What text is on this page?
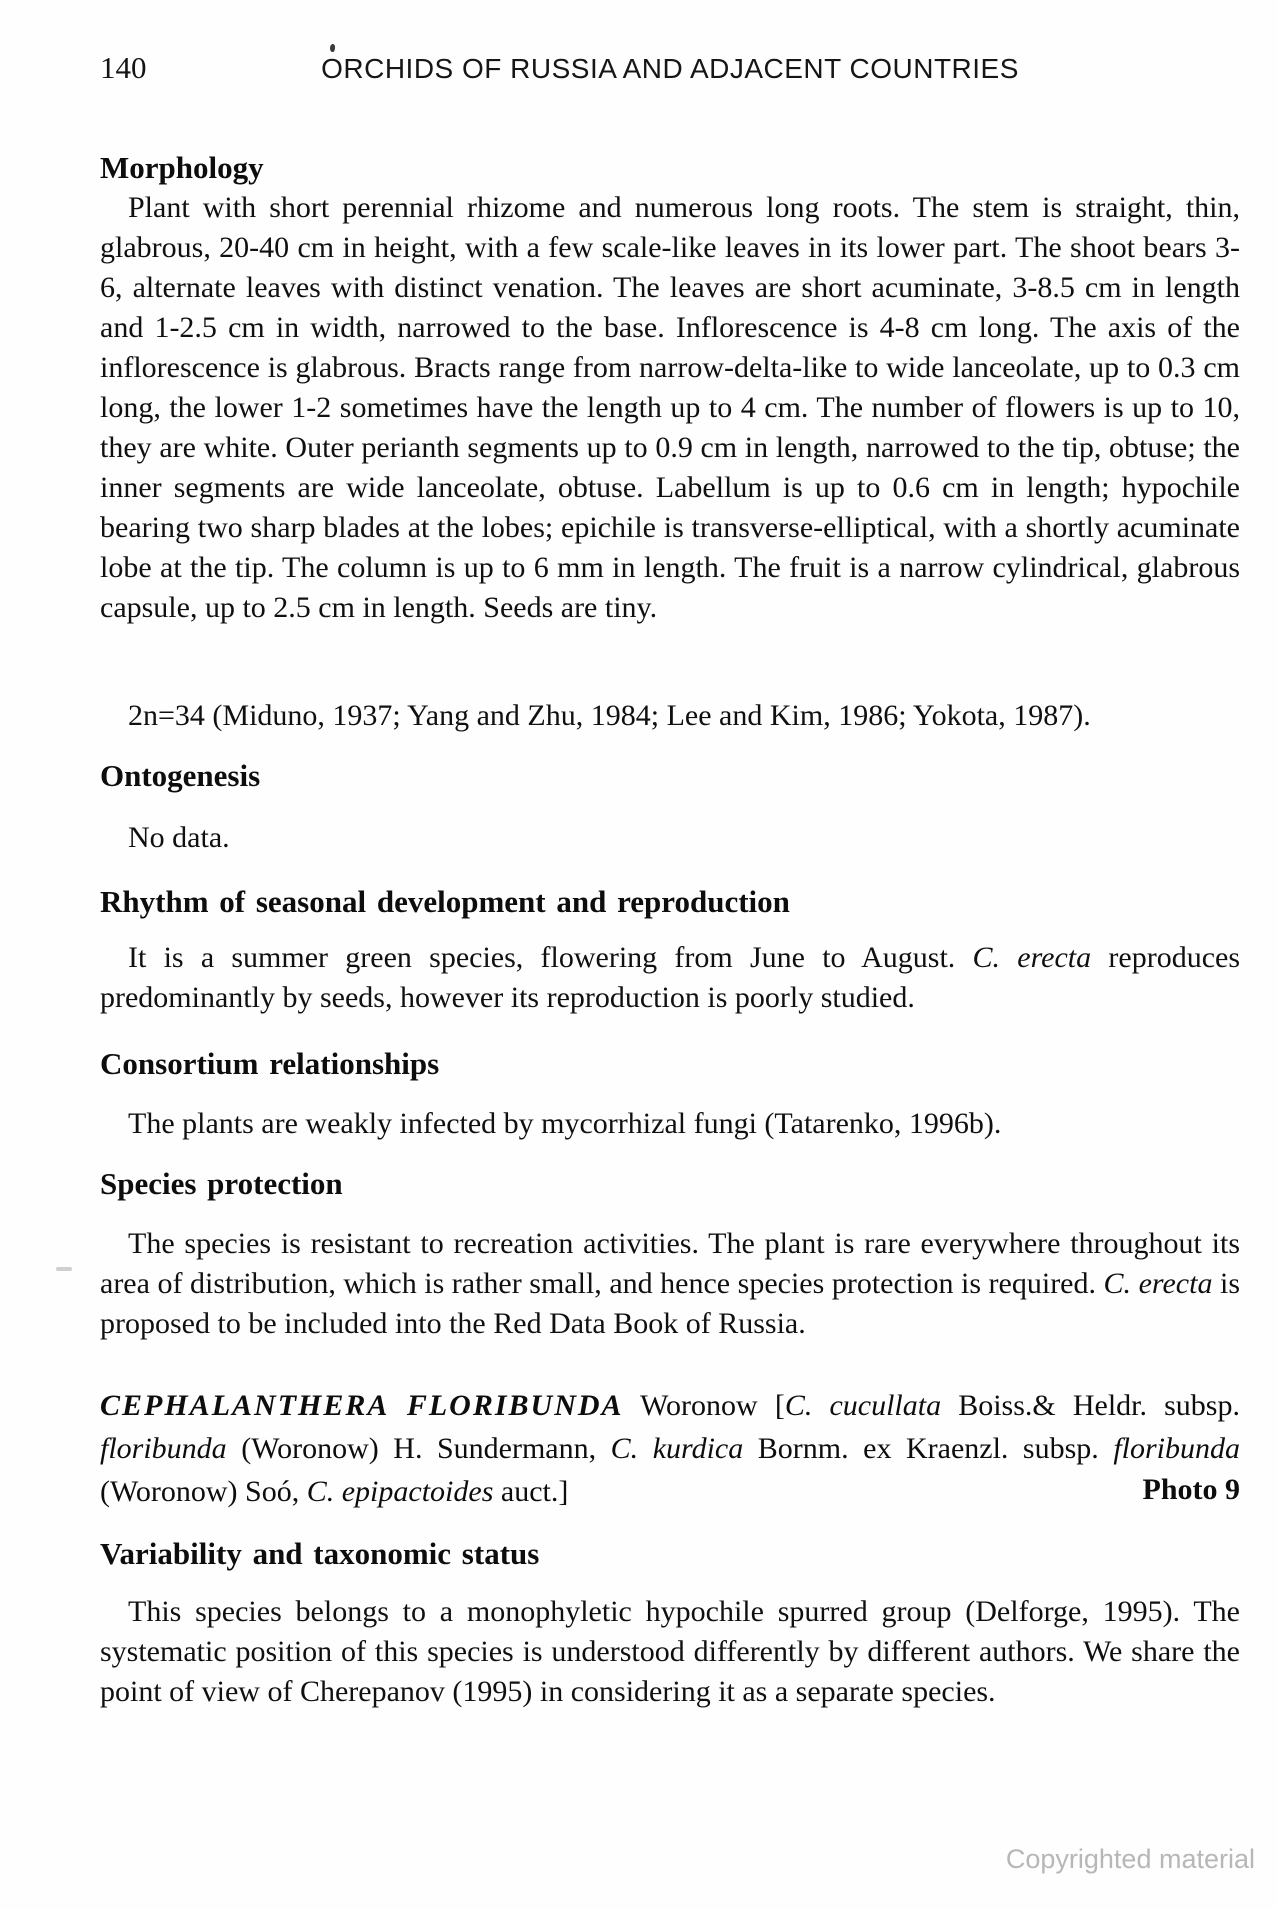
140	ORCHIDS OF RUSSIA AND ADJACENT COUNTRIES
Morphology

Plant with short perennial rhizome and numerous long roots. The stem is straight, thin, glabrous, 20-40 cm in height, with a few scale-like leaves in its lower part. The shoot bears 3-6, alternate leaves with distinct venation. The leaves are short acuminate, 3-8.5 cm in length and 1-2.5 cm in width, narrowed to the base. Inflorescence is 4-8 cm long. The axis of the inflorescence is glabrous. Bracts range from narrow-delta-like to wide lanceolate, up to 0.3 cm long, the lower 1-2 sometimes have the length up to 4 cm. The number of flowers is up to 10, they are white. Outer perianth segments up to 0.9 cm in length, narrowed to the tip, obtuse; the inner segments are wide lanceolate, obtuse. Labellum is up to 0.6 cm in length; hypochile bearing two sharp blades at the lobes; epichile is transverse-elliptical, with a shortly acuminate lobe at the tip. The column is up to 6 mm in length. The fruit is a narrow cylindrical, glabrous capsule, up to 2.5 cm in length. Seeds are tiny.

2n=34 (Miduno, 1937; Yang and Zhu, 1984; Lee and Kim, 1986; Yokota, 1987).

Ontogenesis

No data.

Rhythm of seasonal development and reproduction

It is a summer green species, flowering from June to August. C. erecta reproduces predominantly by seeds, however its reproduction is poorly studied.

Consortium relationships

The plants are weakly infected by mycorrhizal fungi (Tatarenko, 1996b).

Species protection

The species is resistant to recreation activities. The plant is rare everywhere throughout its area of distribution, which is rather small, and hence species protection is required. C. erecta is proposed to be included into the Red Data Book of Russia.

CEPHALANTHERA FLORIBUNDA Woronow [C. cucullata Boiss.& Heldr. subsp. floribunda (Woronow) H. Sundermann, C. kurdica Bornm. ex Kraenzl. subsp. floribunda (Woronow) Soó, C. epipactoides auct.]	Photo 9

Variability and taxonomic status

This species belongs to a monophyletic hypochile spurred group (Delforge, 1995). The systematic position of this species is understood differently by different authors. We share the point of view of Cherepanov (1995) in considering it as a separate species.

Copyrighted material
